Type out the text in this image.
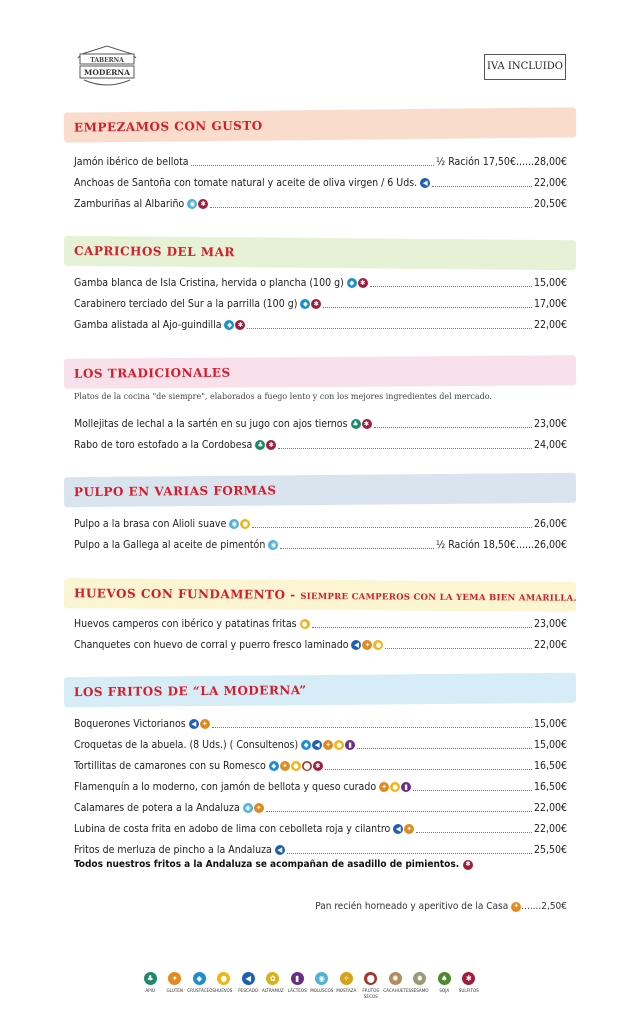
TABERNA
MODERNA
IVA INCLUIDO
EMPEZAMOS CON GUSTO
Jamón ibérico de bellota	½ Ración 17,50€...... 28,00€
Anchoas de Santoña con tomate natural y aceite de oliva virgen / 6 Uds. ◀	22,00€
Zamburiñas al Albariño ◉ ✱	20,50€
CAPRICHOS DEL MAR
Gamba blanca de Isla Cristina, hervida o plancha (100 g) ◆ ✱	15,00€
Carabinero terciado del Sur a la parrilla (100 g) ◆ ✱	17,00€
Gamba alistada al Ajo-guindilla ◆ ✱	22,00€
LOS TRADICIONALES
Platos de la cocina "de siempre", elaborados a fuego lento y con los mejores ingredientes del mercado.
Mollejitas de lechal a la sartén en su jugo con ajos tiernos ♣ ✱	23,00€
Rabo de toro estofado a la Cordobesa ♣ ✱	24,00€
PULPO EN VARIAS FORMAS
Pulpo a la brasa con Alioli suave ◉ ●	26,00€
Pulpo a la Gallega al aceite de pimentón ◉	½ Ración 18,50€...... 26,00€
HUEVOS CON FUNDAMENTO - SIEMPRE CAMPEROS CON LA YEMA BIEN AMARILLA.
Huevos camperos con ibérico y patatinas fritas ●	23,00€
Chanquetes con huevo de corral y puerro fresco laminado ◀ ✦ ●	22,00€
LOS FRITOS DE “LA MODERNA”
Boquerones Victorianos ◀ ✦	15,00€
Croquetas de la abuela. (8 Uds.) ( Consultenos) ◆ ◀ ✦ ● ▮	15,00€
Tortillitas de camarones con su Romesco ◆ ✦ ● ⬤ ✱	16,50€
Flamenquín a lo moderno, con jamón de bellota y queso curado ✦ ● ▮	16,50€
Calamares de potera a la Andaluza ◉ ✦	22,00€
Lubina de costa frita en adobo de lima con cebolleta roja y cilantro ◀ ✦	22,00€
Fritos de merluza de pincho a la Andaluza ◀	25,50€
Todos nuestros fritos a la Andaluza se acompañan de asadillo de pimientos. ✱
Pan recién horneado y aperitivo de la Casa ✦ ....... 2,50€
♣
APIO
✦
GLUTEN
◆
CRUSTÁCEOS
●
HUEVOS
◀
PESCADO
✿
ALTRAMUZ
▮
LÁCTEOS
◉
MOLUSCOS
✧
MOSTAZA
⬤
FRUTOS SECOS
✺
CACAHUETES
✹
SÉSAMO
♠
SOJA
✱
SULFITOS
